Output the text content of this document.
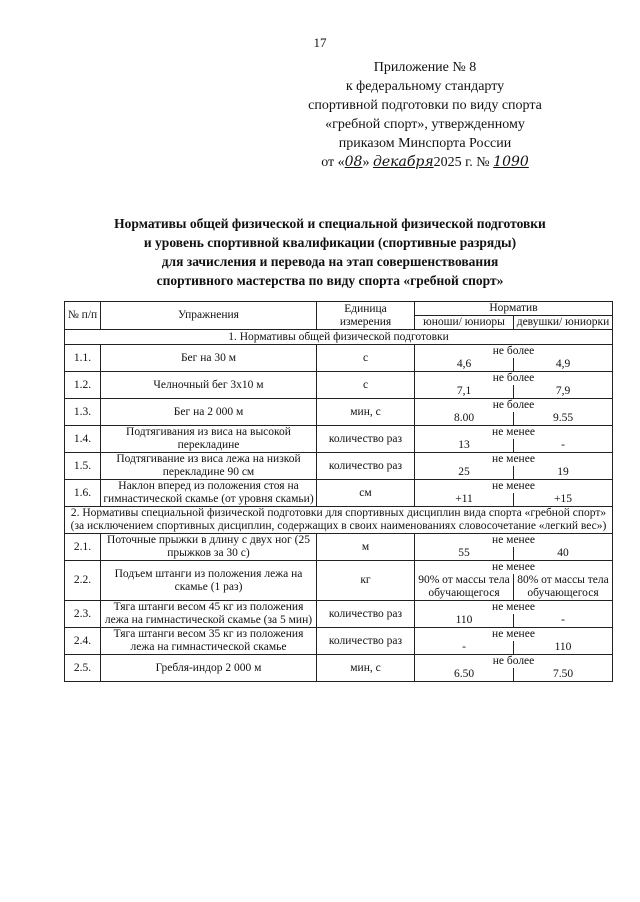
17
Приложение № 8
к федеральному стандарту
спортивной подготовки по виду спорта
«гребной спорт», утвержденному
приказом Минспорта России
от «08» декабря2025 г. № 1090
Нормативы общей физической и специальной физической подготовки
и уровень спортивной квалификации (спортивные разряды)
для зачисления и перевода на этап совершенствования
спортивного мастерства по виду спорта «гребной спорт»
№ п/п	Упражнения	Единица измерения	Норматив	
			юноши/ юниоры	девушки/ юниорки
1. Нормативы общей физической подготовки				
1.1.	Бег на 30 м	с	не более	
			4,6	4,9
1.2.	Челночный бег 3х10 м	с	не более	
			7,1	7,9
1.3.	Бег на 2 000 м	мин, с	не более	
			8.00	9.55
1.4.	Подтягивания из виса на высокой перекладине	количество раз	не менее	
			13	-
1.5.	Подтягивание из виса лежа на низкой перекладине 90 см	количество раз	не менее	
			25	19
1.6.	Наклон вперед из положения стоя на гимнастической скамье (от уровня скамьи)	см	не менее	
			+11	+15
2. Нормативы специальной физической подготовки для спортивных дисциплин вида спорта «гребной спорт» (за исключением спортивных дисциплин, содержащих в своих наименованиях словосочетание «легкий вес»)				
2.1.	Поточные прыжки в длину с двух ног (25 прыжков за 30 с)	м	не менее	
			55	40
2.2.	Подъем штанги из положения лежа на скамье (1 раз)	кг	не менее	
			90% от массы тела обучающегося	80% от массы тела обучающегося
2.3.	Тяга штанги весом 45 кг из положения лежа на гимнастической скамье (за 5 мин)	количество раз	не менее	
			110	-
2.4.	Тяга штанги весом 35 кг из положения лежа на гимнастической скамье	количество раз	не менее	
			-	110
2.5.	Гребля-индор 2 000 м	мин, с	не более	
			6.50	7.50
